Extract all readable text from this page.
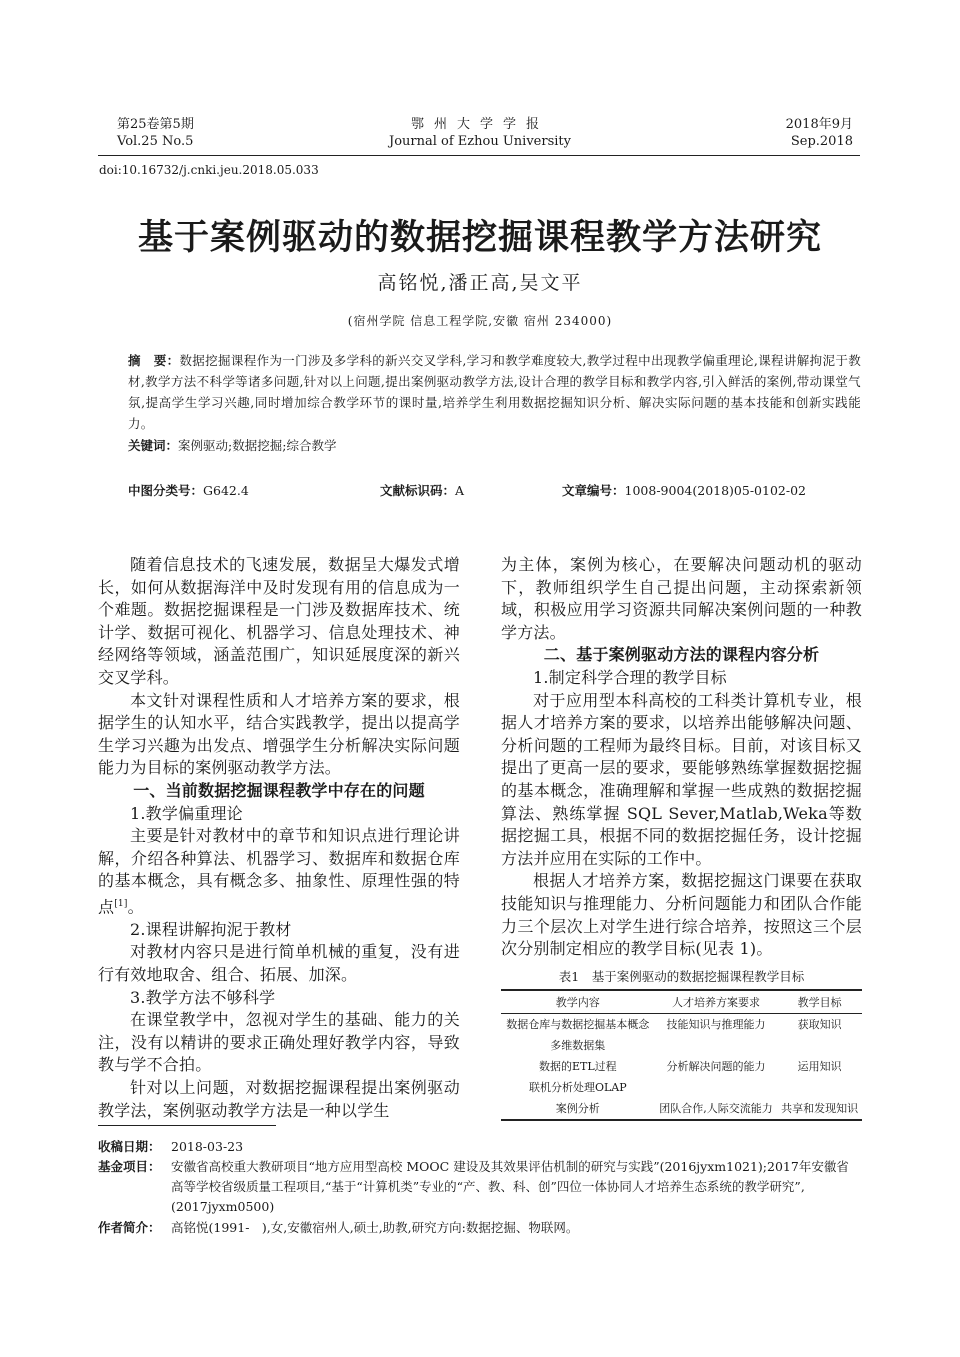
第25卷第5期
Vol.25 No.5
鄂州大学学报
Journal of Ezhou University
2018年9月
Sep.2018
doi:10.16732/j.cnki.jeu.2018.05.033
基于案例驱动的数据挖掘课程教学方法研究
高铭悦,潘正高,吴文平
(宿州学院 信息工程学院,安徽 宿州 234000)
摘　要：数据挖掘课程作为一门涉及多学科的新兴交叉学科,学习和教学难度较大,教学过程中出现教学偏重理论,课程讲解拘泥于教材,教学方法不科学等诸多问题,针对以上问题,提出案例驱动教学方法,设计合理的教学目标和教学内容,引入鲜活的案例,带动课堂气氛,提高学生学习兴趣,同时增加综合教学环节的课时量,培养学生利用数据挖掘知识分析、解决实际问题的基本技能和创新实践能力。
关键词：案例驱动;数据挖掘;综合教学
中图分类号：G642.4	文献标识码：A	文章编号：1008-9004(2018)05-0102-02

随着信息技术的飞速发展，数据呈大爆发式增长，如何从数据海洋中及时发现有用的信息成为一个难题。数据挖掘课程是一门涉及数据库技术、统计学、数据可视化、机器学习、信息处理技术、神经网络等领域，涵盖范围广，知识延展度深的新兴交叉学科。

本文针对课程性质和人才培养方案的要求，根据学生的认知水平，结合实践教学，提出以提高学生学习兴趣为出发点、增强学生分析解决实际问题能力为目标的案例驱动教学方法。

一、当前数据挖掘课程教学中存在的问题

1.教学偏重理论

主要是针对教材中的章节和知识点进行理论讲解，介绍各种算法、机器学习、数据库和数据仓库的基本概念，具有概念多、抽象性、原理性强的特点[1]。

2.课程讲解拘泥于教材

对教材内容只是进行简单机械的重复，没有进行有效地取舍、组合、拓展、加深。

3.教学方法不够科学

在课堂教学中，忽视对学生的基础、能力的关注，没有以精讲的要求正确处理好教学内容，导致教与学不合拍。

针对以上问题，对数据挖掘课程提出案例驱动教学法，案例驱动教学方法是一种以学生

为主体，案例为核心，在要解决问题动机的驱动下，教师组织学生自己提出问题，主动探索新领域，积极应用学习资源共同解决案例问题的一种教学方法。

二、基于案例驱动方法的课程内容分析

1.制定科学合理的教学目标

对于应用型本科高校的工科类计算机专业，根据人才培养方案的要求，以培养出能够解决问题、分析问题的工程师为最终目标。目前，对该目标又提出了更高一层的要求，要能够熟练掌握数据挖掘的基本概念，准确理解和掌握一些成熟的数据挖掘算法、熟练掌握 SQL Sever,Matlab,Weka等数据挖掘工具，根据不同的数据挖掘任务，设计挖掘方法并应用在实际的工作中。

根据人才培养方案，数据挖掘这门课要在获取技能知识与推理能力、分析问题能力和团队合作能力三个层次上对学生进行综合培养，按照这三个层次分别制定相应的教学目标(见表 1)。

表1　基于案例驱动的数据挖掘课程教学目标
教学内容	人才培养方案要求	教学目标
数据仓库与数据挖掘基本概念	技能知识与推理能力	获取知识
多维数据集		
数据的ETL过程	分析解决问题的能力	运用知识
联机分析处理OLAP		
案例分析	团队合作,人际交流能力	共享和发现知识
收稿日期： 2018-03-23
基金项目： 安徽省高校重大教研项目“地方应用型高校 MOOC 建设及其效果评估机制的研究与实践”(2016jyxm1021);2017年安徽省高等学校省级质量工程项目,“基于“计算机类”专业的“产、教、科、创”四位一体协同人才培养生态系统的教学研究”,(2017jyxm0500)
作者简介： 高铭悦(1991-　),女,安徽宿州人,硕士,助教,研究方向:数据挖掘、物联网。
